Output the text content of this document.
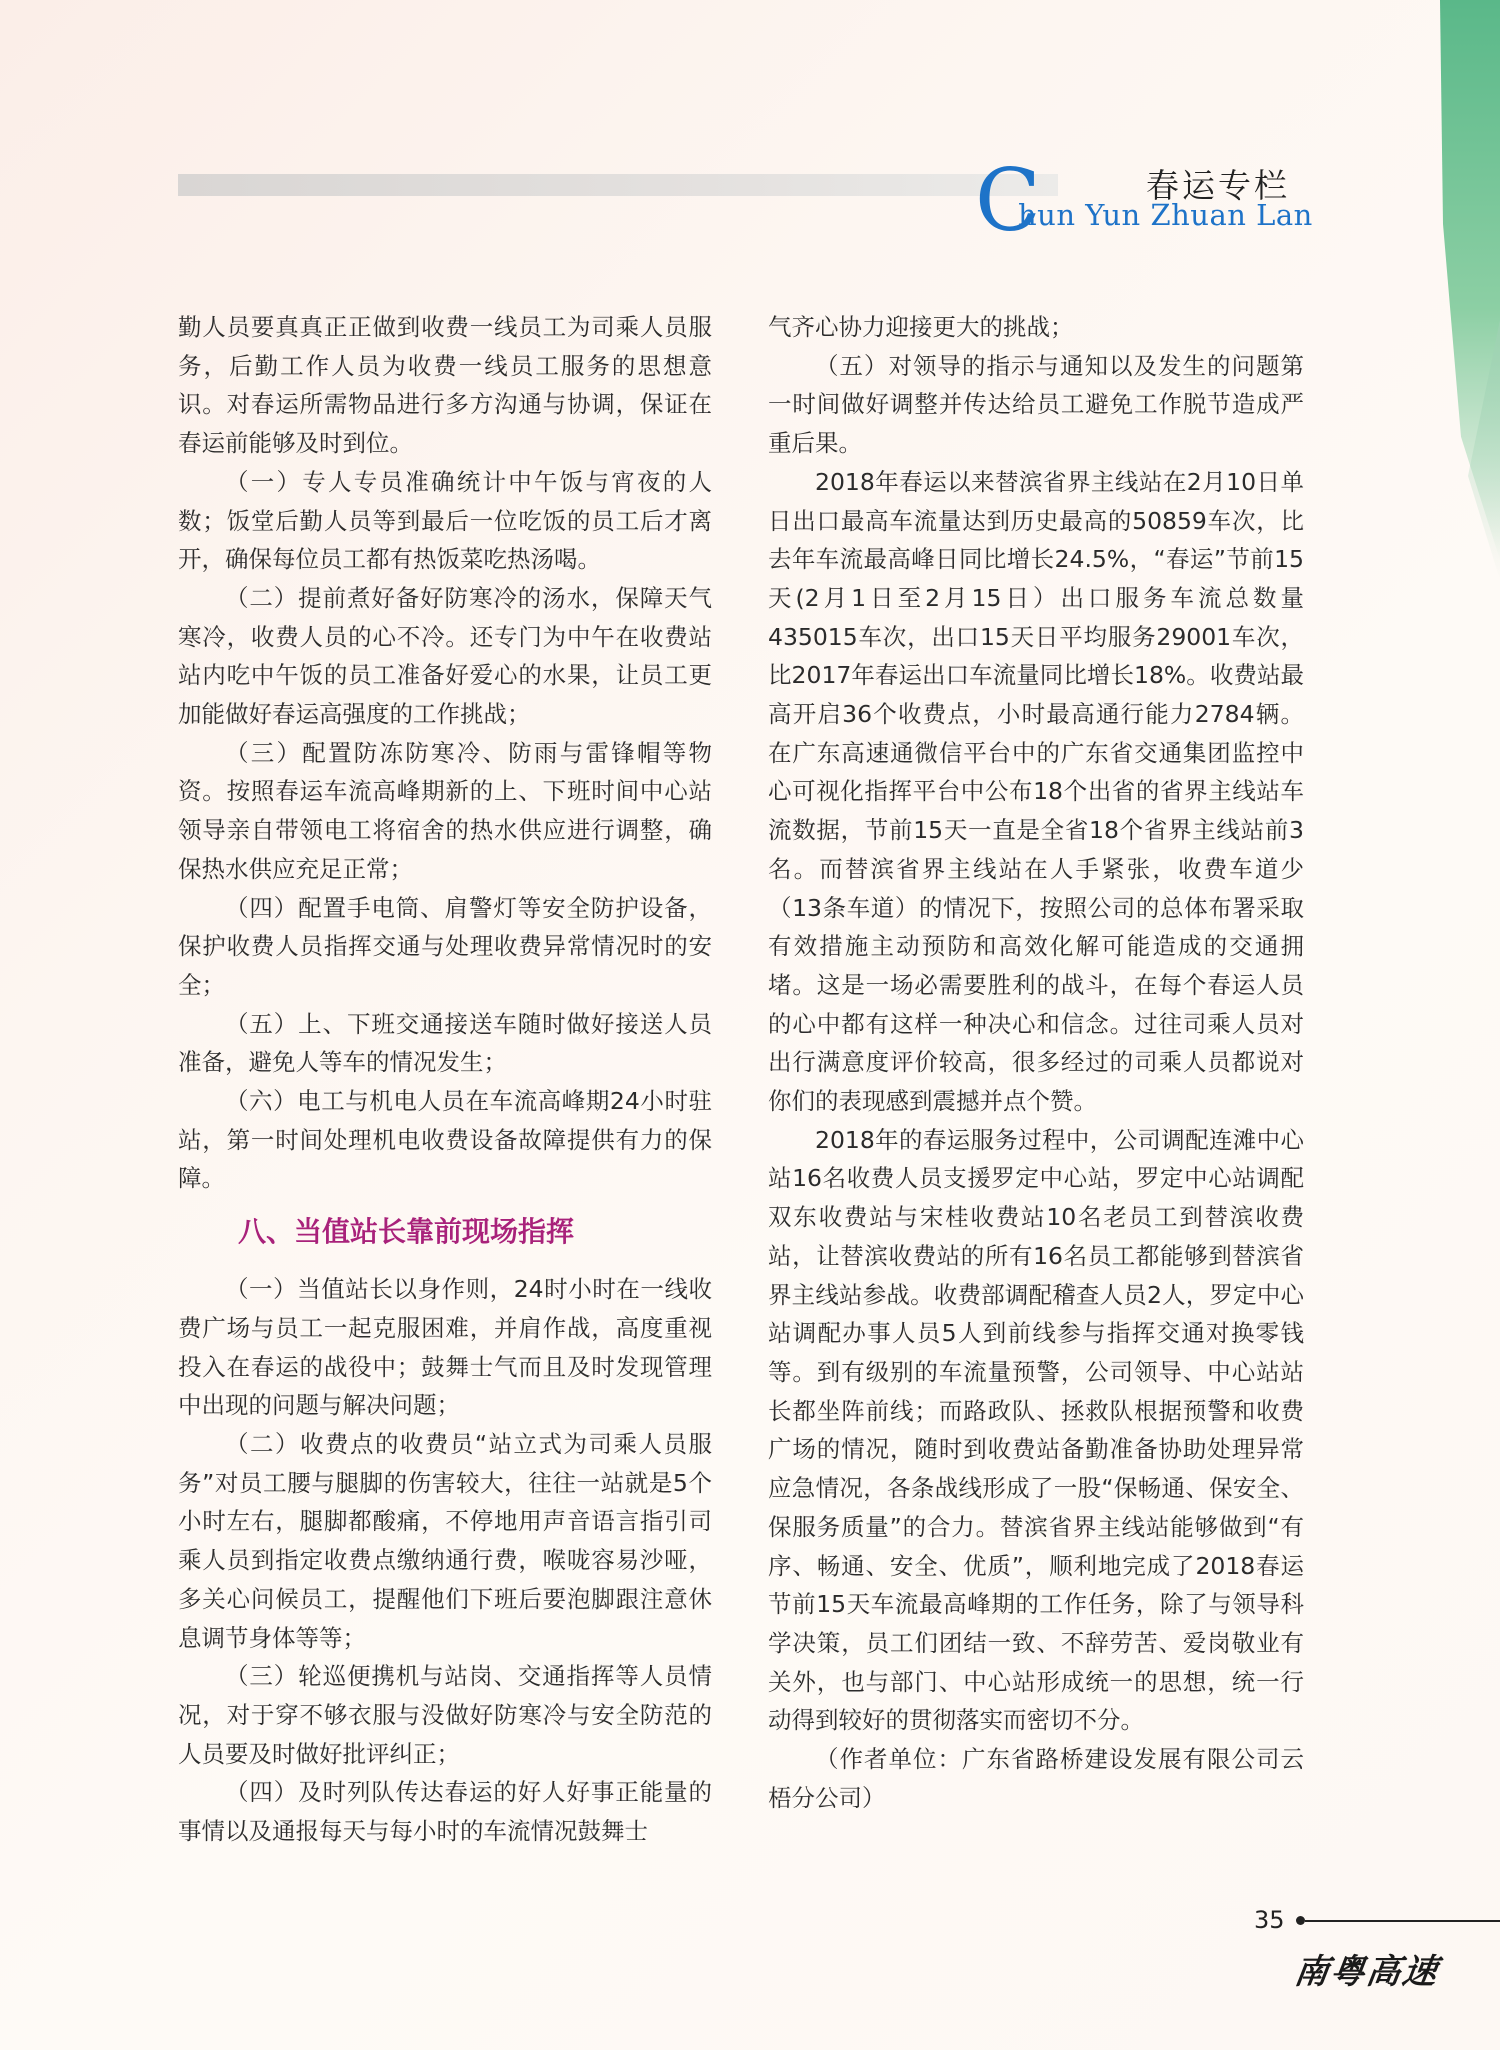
C	春运专栏
hun Yun Zhuan Lan

勤人员要真真正正做到收费一线员工为司乘人员服务，后勤工作人员为收费一线员工服务的思想意识。对春运所需物品进行多方沟通与协调，保证在春运前能够及时到位。

（一）专人专员准确统计中午饭与宵夜的人数；饭堂后勤人员等到最后一位吃饭的员工后才离开，确保每位员工都有热饭菜吃热汤喝。

（二）提前煮好备好防寒冷的汤水，保障天气寒冷，收费人员的心不冷。还专门为中午在收费站站内吃中午饭的员工准备好爱心的水果，让员工更加能做好春运高强度的工作挑战；

（三）配置防冻防寒冷、防雨与雷锋帽等物资。按照春运车流高峰期新的上、下班时间中心站领导亲自带领电工将宿舍的热水供应进行调整，确保热水供应充足正常；

（四）配置手电筒、肩警灯等安全防护设备，保护收费人员指挥交通与处理收费异常情况时的安全；

（五）上、下班交通接送车随时做好接送人员准备，避免人等车的情况发生；

（六）电工与机电人员在车流高峰期24小时驻站，第一时间处理机电收费设备故障提供有力的保障。

八、当值站长靠前现场指挥

（一）当值站长以身作则，24时小时在一线收费广场与员工一起克服困难，并肩作战，高度重视投入在春运的战役中；鼓舞士气而且及时发现管理中出现的问题与解决问题；

（二）收费点的收费员“站立式为司乘人员服务”对员工腰与腿脚的伤害较大，往往一站就是5个小时左右，腿脚都酸痛，不停地用声音语言指引司乘人员到指定收费点缴纳通行费，喉咙容易沙哑，多关心问候员工，提醒他们下班后要泡脚跟注意休息调节身体等等；

（三）轮巡便携机与站岗、交通指挥等人员情况，对于穿不够衣服与没做好防寒冷与安全防范的人员要及时做好批评纠正；

（四）及时列队传达春运的好人好事正能量的事情以及通报每天与每小时的车流情况鼓舞士

气齐心协力迎接更大的挑战；

（五）对领导的指示与通知以及发生的问题第一时间做好调整并传达给员工避免工作脱节造成严重后果。

2018年春运以来替滨省界主线站在2月10日单日出口最高车流量达到历史最高的50859车次，比去年车流最高峰日同比增长24.5%，“春运”节前15天(2月1日至2月15日）出口服务车流总数量435015车次，出口15天日平均服务29001车次，比2017年春运出口车流量同比增长18%。收费站最高开启36个收费点，小时最高通行能力2784辆。在广东高速通微信平台中的广东省交通集团监控中心可视化指挥平台中公布18个出省的省界主线站车流数据，节前15天一直是全省18个省界主线站前3名。而替滨省界主线站在人手紧张，收费车道少（13条车道）的情况下，按照公司的总体布署采取有效措施主动预防和高效化解可能造成的交通拥堵。这是一场必需要胜利的战斗，在每个春运人员的心中都有这样一种决心和信念。过往司乘人员对出行满意度评价较高，很多经过的司乘人员都说对你们的表现感到震撼并点个赞。

2018年的春运服务过程中，公司调配连滩中心站16名收费人员支援罗定中心站，罗定中心站调配双东收费站与宋桂收费站10名老员工到替滨收费站，让替滨收费站的所有16名员工都能够到替滨省界主线站参战。收费部调配稽查人员2人，罗定中心站调配办事人员5人到前线参与指挥交通对换零钱等。到有级别的车流量预警，公司领导、中心站站长都坐阵前线；而路政队、拯救队根据预警和收费广场的情况，随时到收费站备勤准备协助处理异常应急情况，各条战线形成了一股“保畅通、保安全、保服务质量”的合力。替滨省界主线站能够做到“有序、畅通、安全、优质”，顺利地完成了2018春运节前15天车流最高峰期的工作任务，除了与领导科学决策，员工们团结一致、不辞劳苦、爱岗敬业有关外，也与部门、中心站形成统一的思想，统一行动得到较好的贯彻落实而密切不分。

（作者单位：广东省路桥建设发展有限公司云梧分公司）

35
南粤高速
